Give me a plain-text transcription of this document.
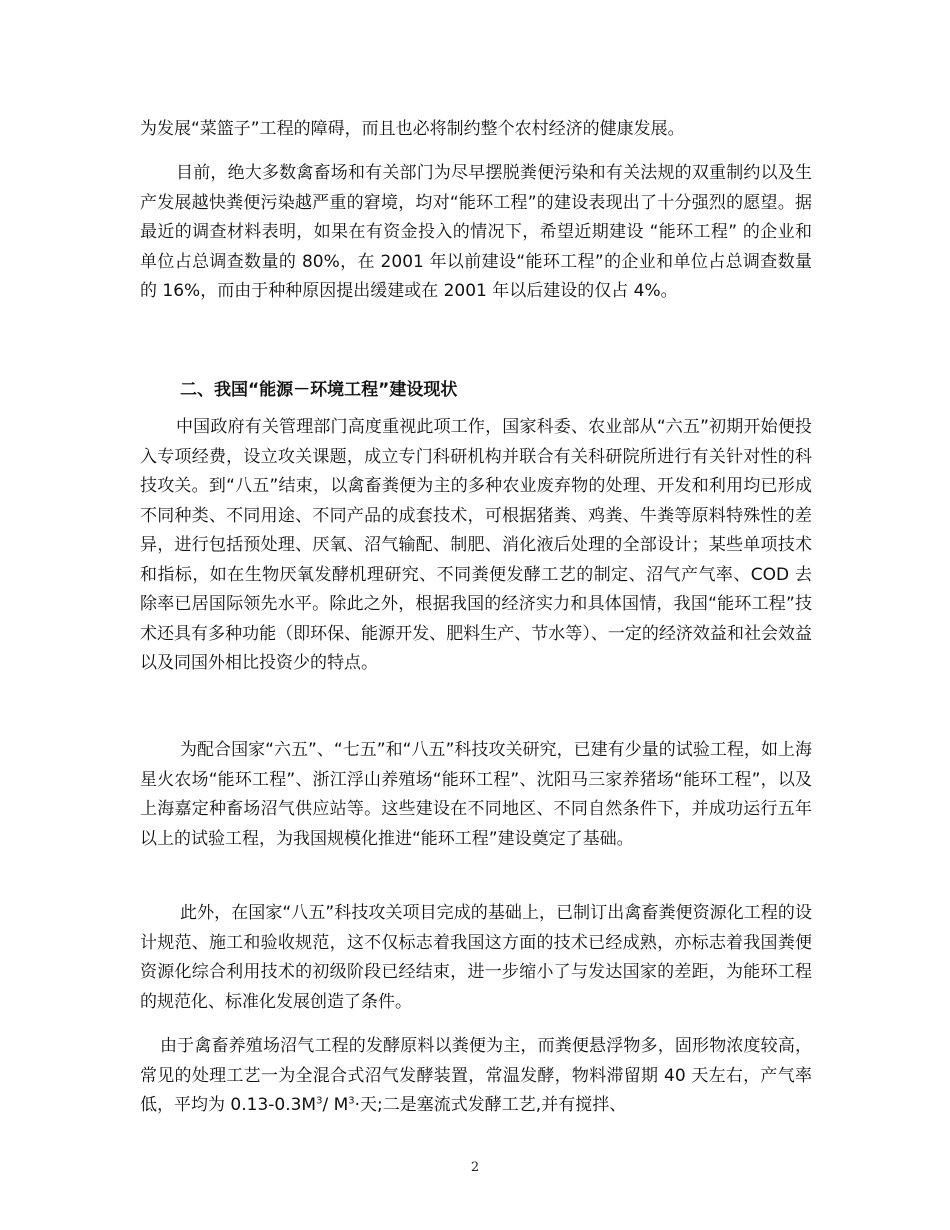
为发展“菜篮子”工程的障碍，而且也必将制约整个农村经济的健康发展。

目前，绝大多数禽畜场和有关部门为尽早摆脱粪便污染和有关法规的双重制约以及生产发展越快粪便污染越严重的窘境，均对“能环工程”的建设表现出了十分强烈的愿望。据最近的调查材料表明，如果在有资金投入的情况下，希望近期建设 “能环工程” 的企业和单位占总调查数量的 80%，在 2001 年以前建设“能环工程”的企业和单位占总调查数量的 16%，而由于种种原因提出缓建或在 2001 年以后建设的仅占 4%。

二、我国“能源－环境工程”建设现状

中国政府有关管理部门高度重视此项工作，国家科委、农业部从“六五”初期开始便投入专项经费，设立攻关课题，成立专门科研机构并联合有关科研院所进行有关针对性的科技攻关。到“八五”结束，以禽畜粪便为主的多种农业废弃物的处理、开发和利用均已形成不同种类、不同用途、不同产品的成套技术，可根据猪粪、鸡粪、牛粪等原料特殊性的差异，进行包括预处理、厌氧、沼气输配、制肥、消化液后处理的全部设计；某些单项技术和指标，如在生物厌氧发酵机理研究、不同粪便发酵工艺的制定、沼气产气率、COD 去除率已居国际领先水平。除此之外，根据我国的经济实力和具体国情，我国“能环工程”技术还具有多种功能（即环保、能源开发、肥料生产、节水等）、一定的经济效益和社会效益以及同国外相比投资少的特点。

为配合国家“六五”、“七五”和“八五”科技攻关研究，已建有少量的试验工程，如上海星火农场“能环工程”、浙江浮山养殖场“能环工程”、沈阳马三家养猪场“能环工程”，以及上海嘉定种畜场沼气供应站等。这些建设在不同地区、不同自然条件下，并成功运行五年以上的试验工程，为我国规模化推进“能环工程”建设奠定了基础。

此外，在国家“八五”科技攻关项目完成的基础上，已制订出禽畜粪便资源化工程的设计规范、施工和验收规范，这不仅标志着我国这方面的技术已经成熟，亦标志着我国粪便资源化综合利用技术的初级阶段已经结束，进一步缩小了与发达国家的差距，为能环工程的规范化、标准化发展创造了条件。

由于禽畜养殖场沼气工程的发酵原料以粪便为主，而粪便悬浮物多，固形物浓度较高，常见的处理工艺一为全混合式沼气发酵装置，常温发酵，物料滞留期 40 天左右，产气率低，平均为 $0.13-0.3M^3/$ $M^3\cdot$天;二是塞流式发酵工艺,并有搅拌、

2
